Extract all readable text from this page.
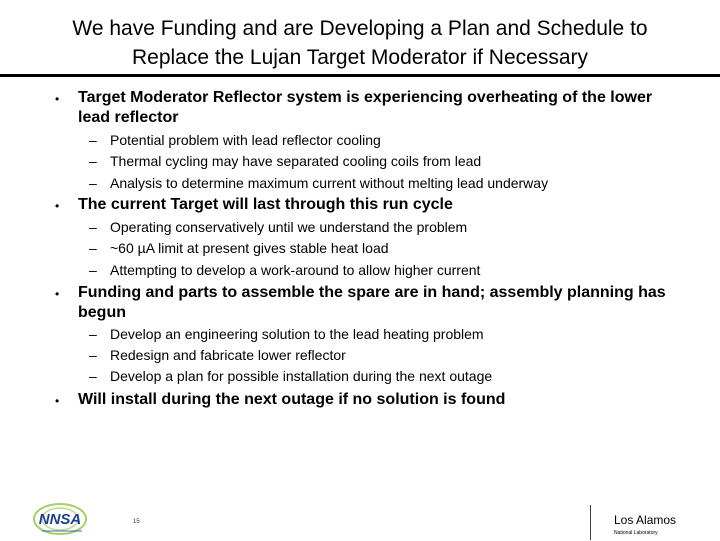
We have Funding and are Developing a Plan and Schedule to
Replace the Lujan Target Moderator if Necessary
• Target Moderator Reflector system is experiencing overheating of the lower lead reflector
– Potential problem with lead reflector cooling
– Thermal cycling may have separated cooling coils from lead
– Analysis to determine maximum current without melting lead underway
• The current Target will last through this run cycle
– Operating conservatively until we understand the problem
– ~60 µA limit at present gives stable heat load
– Attempting to develop a work-around to allow higher current
• Funding and parts to assemble the spare are in hand; assembly planning has begun
– Develop an engineering solution to the lead heating problem
– Redesign and fabricate lower reflector
– Develop a plan for possible installation during the next outage
• Will install during the next outage if no solution is found
NNSA	15	Los Alamos
National Laboratory
